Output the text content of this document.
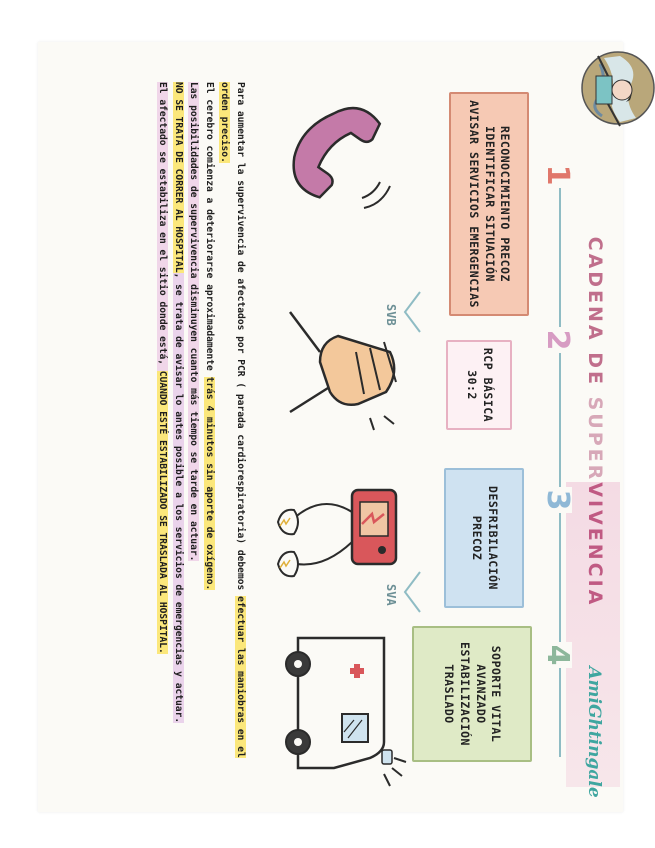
CADENA DE SUPERVIVENCIA
AmiGhtingale
1
2
3
4
RECONOCIMIENTO PRECOZ
IDENTIFICAR SITUACIÓN
AVISAR SERVICIOS EMERGENCIAS
RCP BÁSICA
30:2
DESFRIBILACIÓN
PRECOZ
SOPORTE VITAL
AVANZADO
ESTABILIZACIÓN
TRASLADO
SVB
SVA

Para aumentar la supervivencia de afectados por PCR ( parada cardiorespiratoria) debemos efectuar las maniobras en el orden preciso.

El cerebro comienza a deteriorarse aproximadamente trás 4 minutos sin aporte de oxígeno.

Las posibilidades de supervivencia disminuyen cuanto más tiempo se tarde en actuar.

NO SE TRATA DE CORRER AL HOSPITAL, se trata de avisar lo antes posible a los servicios de emergencias y actuar.

El afectado se estabiliza en el sitio donde está, CUANDO ESTÉ ESTABILIZADO SE TRASLADA AL HOSPITAL.
